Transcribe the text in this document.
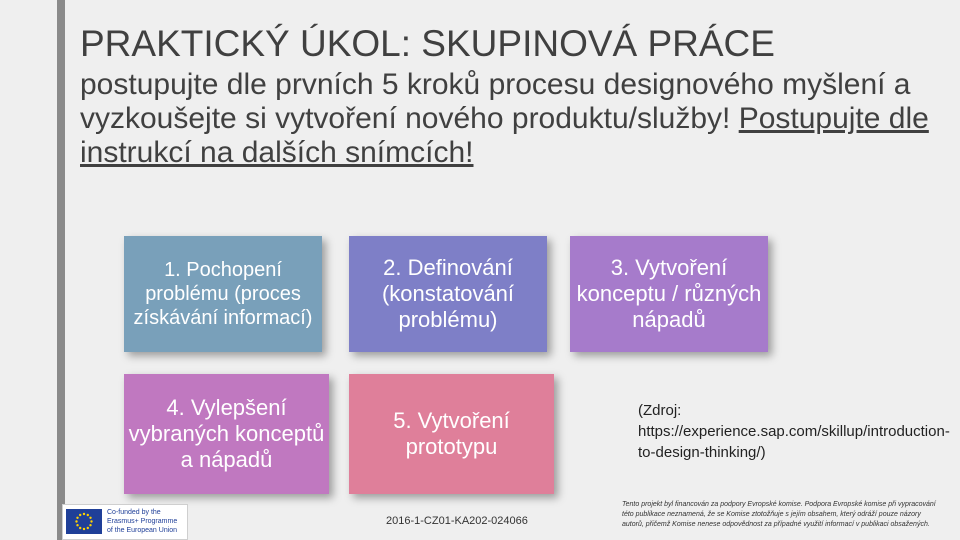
PRAKTICKÝ ÚKOL: SKUPINOVÁ PRÁCE
postupujte dle prvních 5 kroků procesu designového myšlení a vyzkoušejte si vytvoření nového produktu/služby! Postupujte dle instrukcí na dalších snímcích!
1. Pochopení problému (proces získávání informací)
2. Definování (konstatování problému)
3. Vytvoření konceptu / různých nápadů
4. Vylepšení vybraných konceptů a nápadů
5. Vytvoření prototypu
(Zdroj: https://experience.sap.com/skillup/introduction-to-design-thinking/)
Co-funded by the
Erasmus+ Programme
of the European Union
2016-1-CZ01-KA202-024066
Tento projekt byl financován za podpory Evropské komise. Podpora Evropské komise při vypracování této publikace neznamená, že se Komise ztotožňuje s jejím obsahem, který odráží pouze názory autorů, přičemž Komise nenese odpovědnost za případné využití informací v publikaci obsažených.
